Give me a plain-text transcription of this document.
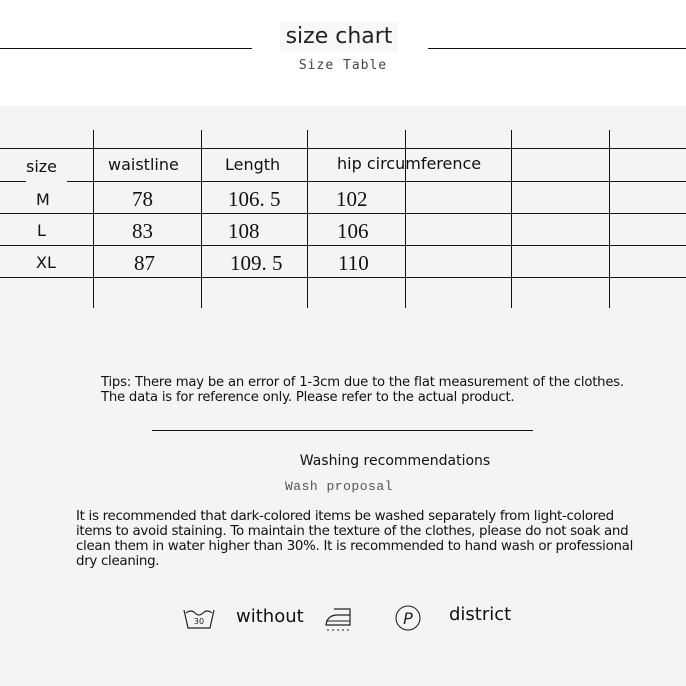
size chart
Size Table
size	waistline	Length	hip circumference
M	78	106. 5	102
L	83	108	106
XL	87	109. 5	110
Tips: There may be an error of 1-3cm due to the flat measurement of the clothes. The data is for reference only. Please refer to the actual product.
Washing recommendations
Wash proposal
It is recommended that dark-colored items be washed separately from light-colored items to avoid staining. To maintain the texture of the clothes, please do not soak and clean them in water higher than 30%. It is recommended to hand wash or professional dry cleaning.
30 without	P district
